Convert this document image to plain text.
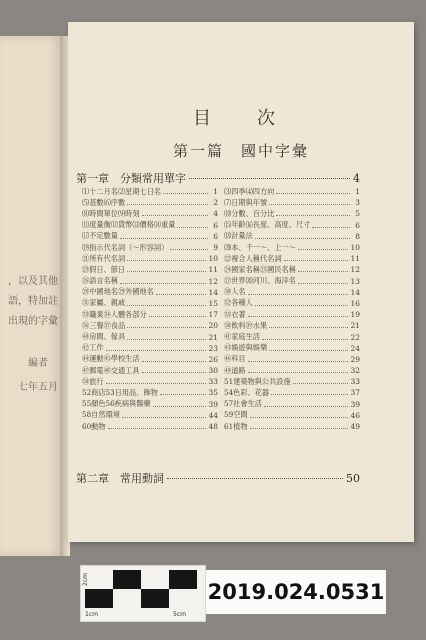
，以及其他
語，特加註
出現的字彙
編者
七年五月
目　次
第一篇　國中字彙
第一章　分類常用單字	4
⑴十二月名⑵星期七日名	1 ⑶四季⑷四方向	1
⑸基數⑹序數	2 ⑺日期與年號	3
⑻時間單位⑼時刻	4 ⑽分數、百分比	5
⑾度量衡⑿貨幣⒀價格⒁重量	6 ⒂年齡⒃長度、高度、尺寸	6
⒄不定數量	6 ⒅計量法	8
⒆指示代名詞（～形容詞）	9 ⒇本、千一～、上一～	10
㉑所有代名詞	10 ㉒複合人稱代名詞	11
㉓假日、節日	11 ㉔國家名稱㉕國民名稱	12
㉖語言名稱	12 ㉗世界⒇河川、海洋名	13
㉘中國地名㉙外國地名	14 ㉚人名	14
㉛家屬、親戚	15 ㉜各種人	16
㉝職業㉞人體各部分	17 ㉟衣著	19
㊱三餐㊲食品	20 ㊳飲料㊴水果	21
㊵房間、傢具	21 ㊶家庭生活	22
㊷工作	23 ㊸娛遊與娛樂	24
㊹運動㊺學校生活	26 ㊻科目	29
㊼郵電㊽交通工具	30 ㊾道路	32
㊿旅行	33 51建築物與公共設施	33
52商店53日用品、飾物	35 54色彩、花器	37
55顏色56疾病與醫藥	39 57社會生活	39
58自然環境	44 59空間	46
60動物	48 61植物	49
第二章　常用動詞	50
2cm
1cm	5cm
2019.024.0531
